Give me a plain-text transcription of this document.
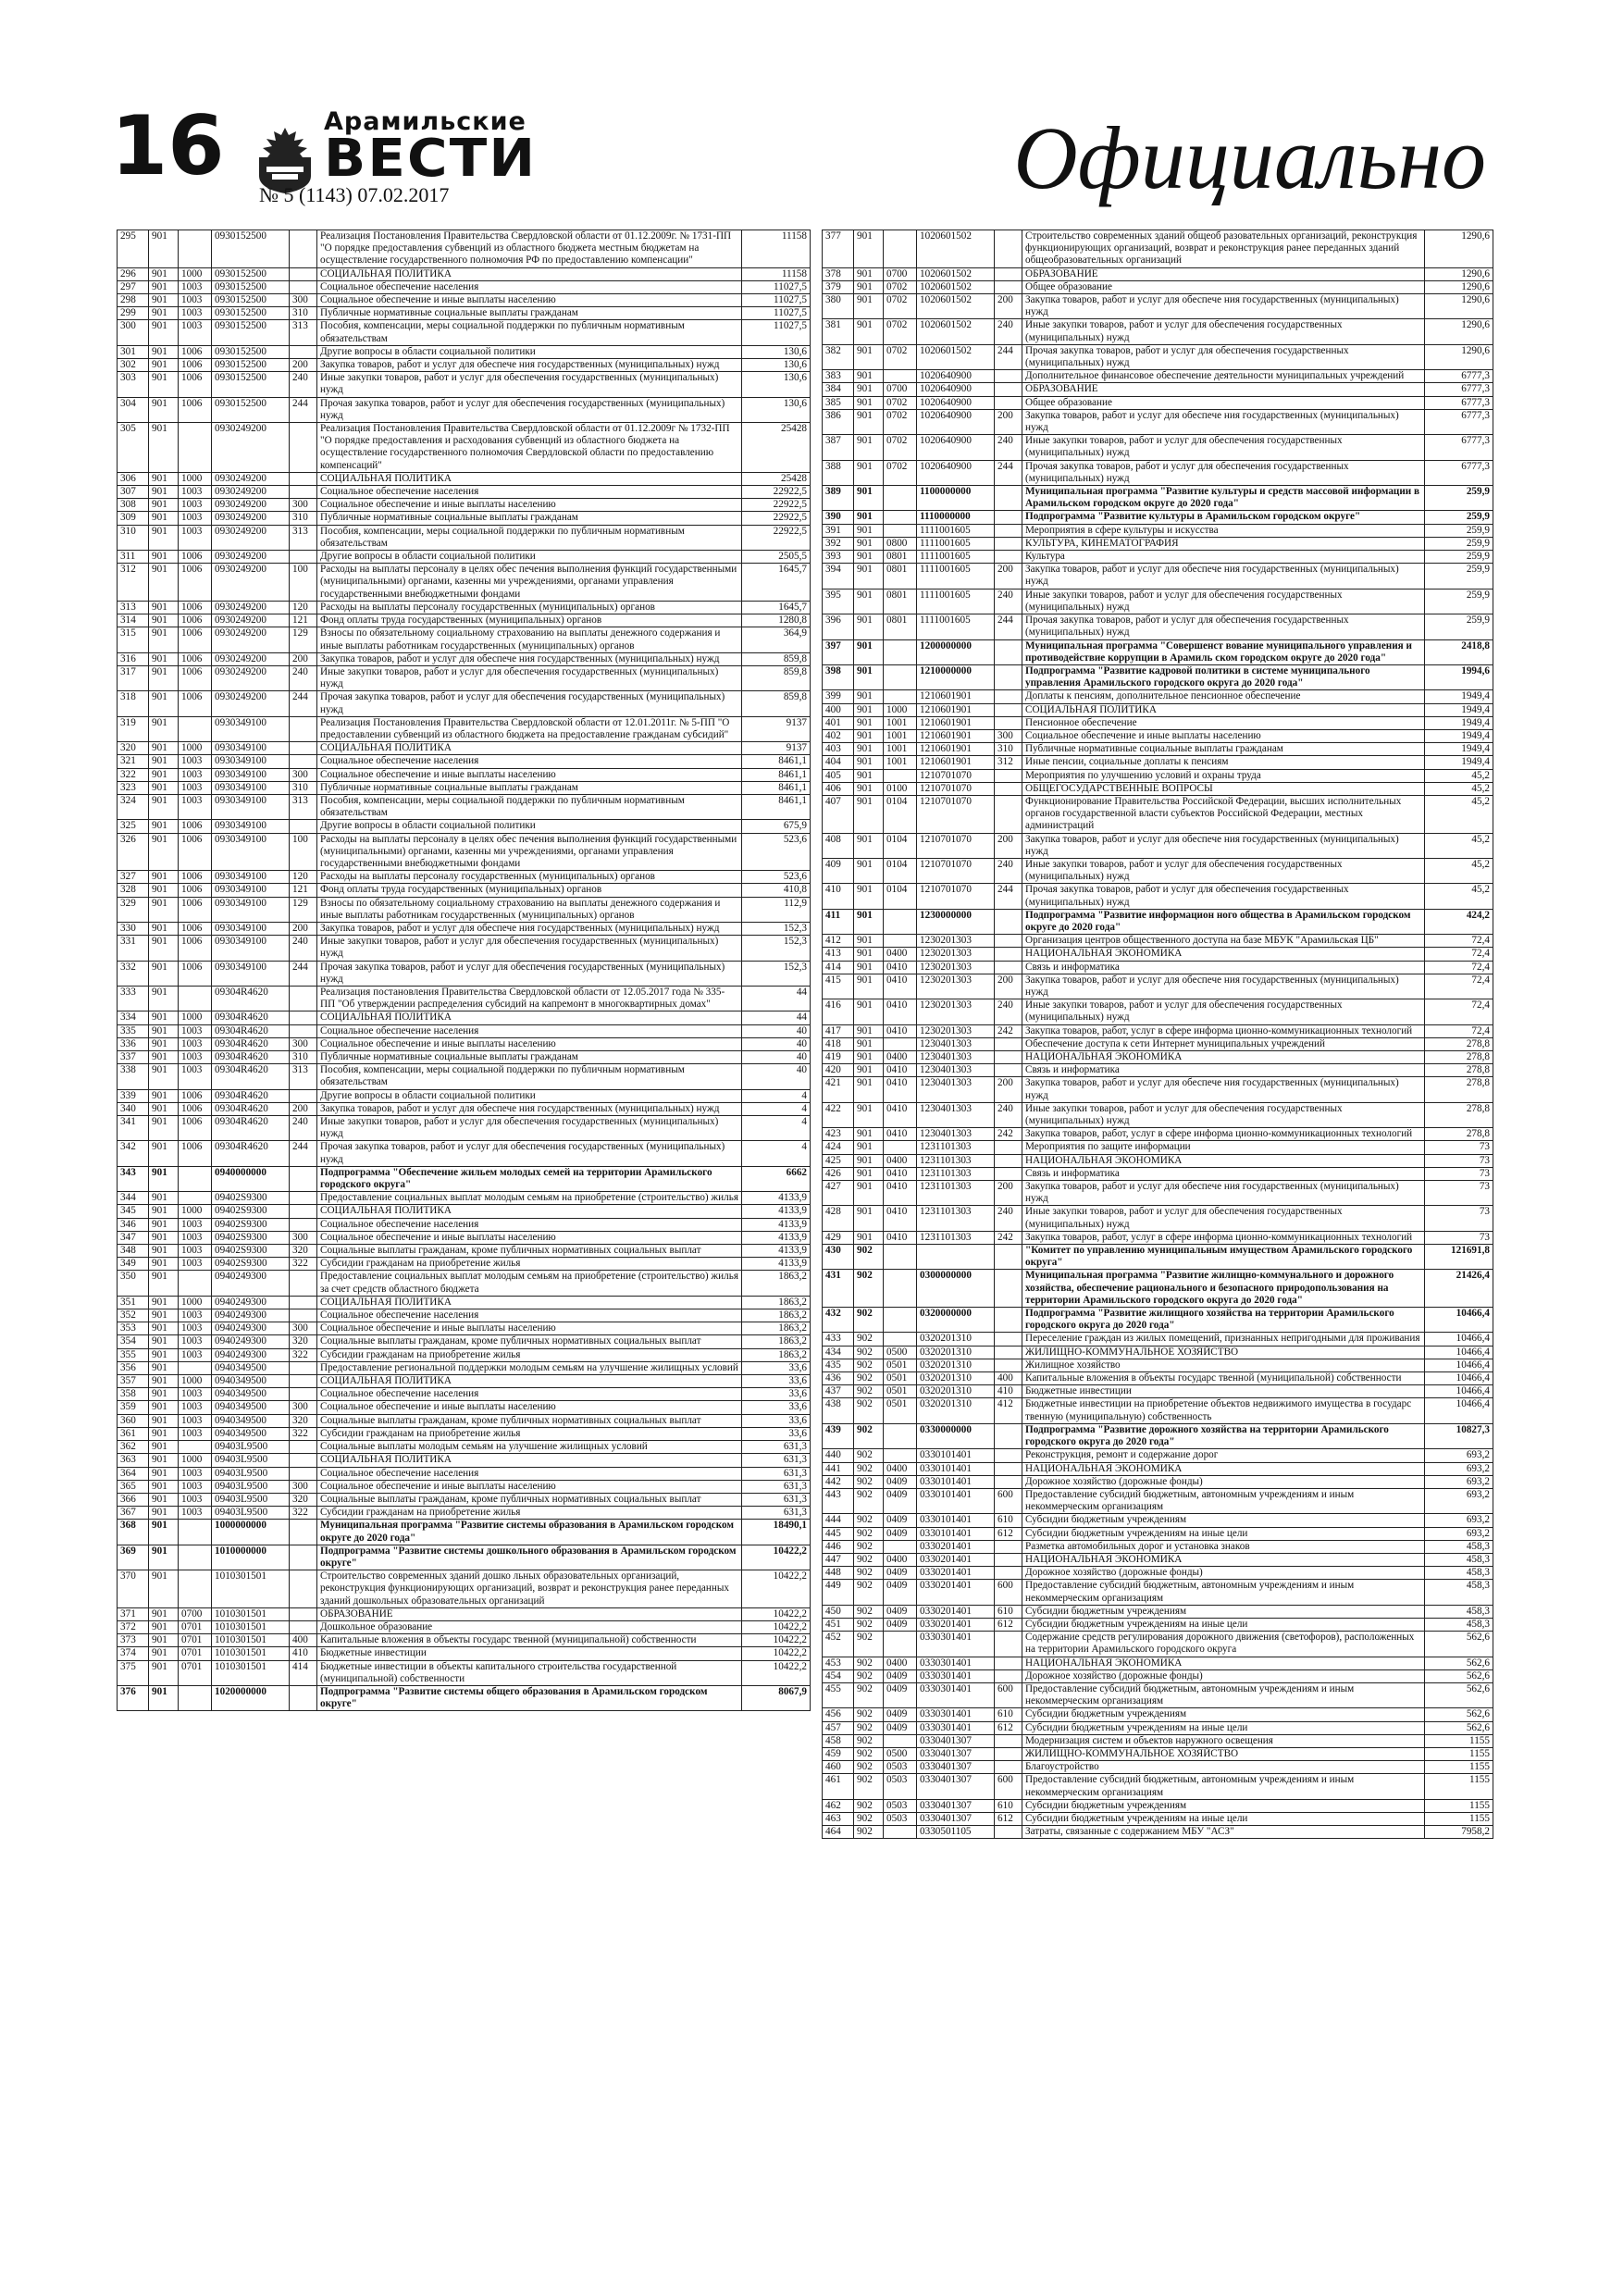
16	Арамильские
ВЕСТИ
№ 5 (1143) 07.02.2017	Официально
295	901		0930152500		Реализация Постановления Правительства Свердловской области от 01.12.2009г. № 1731-ПП "О порядке предоставления субвенций из областного бюджета местным бюджетам на осуществление государственного полномочия РФ по предоставлению компенсации"	11158
296	901	1000	0930152500		СОЦИАЛЬНАЯ ПОЛИТИКА	11158
297	901	1003	0930152500		Социальное обеспечение населения	11027,5
298	901	1003	0930152500	300	Социальное обеспечение и иные выплаты населению	11027,5
299	901	1003	0930152500	310	Публичные нормативные социальные выплаты гражданам	11027,5
300	901	1003	0930152500	313	Пособия, компенсации, меры социальной поддержки по публичным нормативным обязательствам	11027,5
301	901	1006	0930152500		Другие вопросы в области социальной политики	130,6
302	901	1006	0930152500	200	Закупка товаров, работ и услуг для обеспече ния государственных (муниципальных) нужд	130,6
303	901	1006	0930152500	240	Иные закупки товаров, работ и услуг для обеспечения государственных (муниципальных) нужд	130,6
304	901	1006	0930152500	244	Прочая закупка товаров, работ и услуг для обеспечения государственных (муниципальных) нужд	130,6
305	901		0930249200		Реализация Постановления Правительства Свердловской области от 01.12.2009г № 1732-ПП "О порядке предоставления и расходования субвенций из областного бюджета на осуществление государственного полномочия Свердловской области по предоставлению компенсаций"	25428
306	901	1000	0930249200		СОЦИАЛЬНАЯ ПОЛИТИКА	25428
307	901	1003	0930249200		Социальное обеспечение населения	22922,5
308	901	1003	0930249200	300	Социальное обеспечение и иные выплаты населению	22922,5
309	901	1003	0930249200	310	Публичные нормативные социальные выплаты гражданам	22922,5
310	901	1003	0930249200	313	Пособия, компенсации, меры социальной поддержки по публичным нормативным обязательствам	22922,5
311	901	1006	0930249200		Другие вопросы в области социальной политики	2505,5
312	901	1006	0930249200	100	Расходы на выплаты персоналу в целях обес печения выполнения функций государственными (муниципальными) органами, казенны ми учреждениями, органами управления государственными внебюджетными фондами	1645,7
313	901	1006	0930249200	120	Расходы на выплаты персоналу государственных (муниципальных) органов	1645,7
314	901	1006	0930249200	121	Фонд оплаты труда государственных (муниципальных) органов	1280,8
315	901	1006	0930249200	129	Взносы по обязательному социальному страхованию на выплаты денежного содержания и иные выплаты работникам государственных (муниципальных) органов	364,9
316	901	1006	0930249200	200	Закупка товаров, работ и услуг для обеспече ния государственных (муниципальных) нужд	859,8
317	901	1006	0930249200	240	Иные закупки товаров, работ и услуг для обеспечения государственных (муниципальных) нужд	859,8
318	901	1006	0930249200	244	Прочая закупка товаров, работ и услуг для обеспечения государственных (муниципальных) нужд	859,8
319	901		0930349100		Реализация Постановления Правительства Свердловской области от 12.01.2011г. № 5-ПП "О предоставлении субвенций из областного бюджета на предоставление гражданам субсидий"	9137
320	901	1000	0930349100		СОЦИАЛЬНАЯ ПОЛИТИКА	9137
321	901	1003	0930349100		Социальное обеспечение населения	8461,1
322	901	1003	0930349100	300	Социальное обеспечение и иные выплаты населению	8461,1
323	901	1003	0930349100	310	Публичные нормативные социальные выплаты гражданам	8461,1
324	901	1003	0930349100	313	Пособия, компенсации, меры социальной поддержки по публичным нормативным обязательствам	8461,1
325	901	1006	0930349100		Другие вопросы в области социальной политики	675,9
326	901	1006	0930349100	100	Расходы на выплаты персоналу в целях обес печения выполнения функций государственными (муниципальными) органами, казенны ми учреждениями, органами управления государственными внебюджетными фондами	523,6
327	901	1006	0930349100	120	Расходы на выплаты персоналу государственных (муниципальных) органов	523,6
328	901	1006	0930349100	121	Фонд оплаты труда государственных (муниципальных) органов	410,8
329	901	1006	0930349100	129	Взносы по обязательному социальному страхованию на выплаты денежного содержания и иные выплаты работникам государственных (муниципальных) органов	112,9
330	901	1006	0930349100	200	Закупка товаров, работ и услуг для обеспече ния государственных (муниципальных) нужд	152,3
331	901	1006	0930349100	240	Иные закупки товаров, работ и услуг для обеспечения государственных (муниципальных) нужд	152,3
332	901	1006	0930349100	244	Прочая закупка товаров, работ и услуг для обеспечения государственных (муниципальных) нужд	152,3
333	901		09304R4620		Реализация постановления Правительства Свердловской области от 12.05.2017 года № 335-ПП "Об утверждении распределения субсидий на капремонт в многоквартирных домах"	44
334	901	1000	09304R4620		СОЦИАЛЬНАЯ ПОЛИТИКА	44
335	901	1003	09304R4620		Социальное обеспечение населения	40
336	901	1003	09304R4620	300	Социальное обеспечение и иные выплаты населению	40
337	901	1003	09304R4620	310	Публичные нормативные социальные выплаты гражданам	40
338	901	1003	09304R4620	313	Пособия, компенсации, меры социальной поддержки по публичным нормативным обязательствам	40
339	901	1006	09304R4620		Другие вопросы в области социальной политики	4
340	901	1006	09304R4620	200	Закупка товаров, работ и услуг для обеспече ния государственных (муниципальных) нужд	4
341	901	1006	09304R4620	240	Иные закупки товаров, работ и услуг для обеспечения государственных (муниципальных) нужд	4
342	901	1006	09304R4620	244	Прочая закупка товаров, работ и услуг для обеспечения государственных (муниципальных) нужд	4
343	901		0940000000		Подпрограмма "Обеспечение жильем молодых семей на территории Арамильского городского округа"	6662
344	901		09402S9300		Предоставление социальных выплат молодым семьям на приобретение (строительство) жилья	4133,9
345	901	1000	09402S9300		СОЦИАЛЬНАЯ ПОЛИТИКА	4133,9
346	901	1003	09402S9300		Социальное обеспечение населения	4133,9
347	901	1003	09402S9300	300	Социальное обеспечение и иные выплаты населению	4133,9
348	901	1003	09402S9300	320	Социальные выплаты гражданам, кроме публичных нормативных социальных выплат	4133,9
349	901	1003	09402S9300	322	Субсидии гражданам на приобретение жилья	4133,9
350	901		0940249300		Предоставление социальных выплат молодым семьям на приобретение (строительство) жилья за счет средств областного бюджета	1863,2
351	901	1000	0940249300		СОЦИАЛЬНАЯ ПОЛИТИКА	1863,2
352	901	1003	0940249300		Социальное обеспечение населения	1863,2
353	901	1003	0940249300	300	Социальное обеспечение и иные выплаты населению	1863,2
354	901	1003	0940249300	320	Социальные выплаты гражданам, кроме публичных нормативных социальных выплат	1863,2
355	901	1003	0940249300	322	Субсидии гражданам на приобретение жилья	1863,2
356	901		0940349500		Предоставление региональной поддержки молодым семьям на улучшение жилищных условий	33,6
357	901	1000	0940349500		СОЦИАЛЬНАЯ ПОЛИТИКА	33,6
358	901	1003	0940349500		Социальное обеспечение населения	33,6
359	901	1003	0940349500	300	Социальное обеспечение и иные выплаты населению	33,6
360	901	1003	0940349500	320	Социальные выплаты гражданам, кроме публичных нормативных социальных выплат	33,6
361	901	1003	0940349500	322	Субсидии гражданам на приобретение жилья	33,6
362	901		09403L9500		Социальные выплаты молодым семьям на улучшение жилищных условий	631,3
363	901	1000	09403L9500		СОЦИАЛЬНАЯ ПОЛИТИКА	631,3
364	901	1003	09403L9500		Социальное обеспечение населения	631,3
365	901	1003	09403L9500	300	Социальное обеспечение и иные выплаты населению	631,3
366	901	1003	09403L9500	320	Социальные выплаты гражданам, кроме публичных нормативных социальных выплат	631,3
367	901	1003	09403L9500	322	Субсидии гражданам на приобретение жилья	631,3
368	901		1000000000		Муниципальная программа "Развитие системы образования в Арамильском городском округе до 2020 года"	18490,1
369	901		1010000000		Подпрограмма "Развитие системы дошкольного образования в Арамильском городском округе"	10422,2
370	901		1010301501		Строительство современных зданий дошко льных образовательных организаций, реконструкция функционирующих организаций, возврат и реконструкция ранее переданных зданий дошкольных образовательных организаций	10422,2
371	901	0700	1010301501		ОБРАЗОВАНИЕ	10422,2
372	901	0701	1010301501		Дошкольное образование	10422,2
373	901	0701	1010301501	400	Капитальные вложения в объекты государс твенной (муниципальной) собственности	10422,2
374	901	0701	1010301501	410	Бюджетные инвестиции	10422,2
375	901	0701	1010301501	414	Бюджетные инвестиции в объекты капитального строительства государственной (муниципальной) собственности	10422,2
376	901		1020000000		Подпрограмма "Развитие системы общего образования в Арамильском городском округе"	8067,9
377	901		1020601502		Строительство современных зданий общеоб разовательных организаций, реконструкция функционирующих организаций, возврат и реконструкция ранее переданных зданий общеобразовательных организаций	1290,6
378	901	0700	1020601502		ОБРАЗОВАНИЕ	1290,6
379	901	0702	1020601502		Общее образование	1290,6
380	901	0702	1020601502	200	Закупка товаров, работ и услуг для обеспече ния государственных (муниципальных) нужд	1290,6
381	901	0702	1020601502	240	Иные закупки товаров, работ и услуг для обеспечения государственных (муниципальных) нужд	1290,6
382	901	0702	1020601502	244	Прочая закупка товаров, работ и услуг для обеспечения государственных (муниципальных) нужд	1290,6
383	901		1020640900		Дополнительное финансовое обеспечение деятельности муниципальных учреждений	6777,3
384	901	0700	1020640900		ОБРАЗОВАНИЕ	6777,3
385	901	0702	1020640900		Общее образование	6777,3
386	901	0702	1020640900	200	Закупка товаров, работ и услуг для обеспече ния государственных (муниципальных) нужд	6777,3
387	901	0702	1020640900	240	Иные закупки товаров, работ и услуг для обеспечения государственных (муниципальных) нужд	6777,3
388	901	0702	1020640900	244	Прочая закупка товаров, работ и услуг для обеспечения государственных (муниципальных) нужд	6777,3
389	901		1100000000		Муниципальная программа "Развитие культуры и средств массовой информации в Арамильском городском округе до 2020 года"	259,9
390	901		1110000000		Подпрограмма "Развитие культуры в Арамильском городском округе"	259,9
391	901		1111001605		Мероприятия в сфере культуры и искусства	259,9
392	901	0800	1111001605		КУЛЬТУРА, КИНЕМАТОГРАФИЯ	259,9
393	901	0801	1111001605		Культура	259,9
394	901	0801	1111001605	200	Закупка товаров, работ и услуг для обеспече ния государственных (муниципальных) нужд	259,9
395	901	0801	1111001605	240	Иные закупки товаров, работ и услуг для обеспечения государственных (муниципальных) нужд	259,9
396	901	0801	1111001605	244	Прочая закупка товаров, работ и услуг для обеспечения государственных (муниципальных) нужд	259,9
397	901		1200000000		Муниципальная программа "Совершенст вование муниципального управления и противодействие коррупции в Арамиль ском городском округе до 2020 года"	2418,8
398	901		1210000000		Подпрограмма "Развитие кадровой политики в системе муниципального управления Арамильского городского округа до 2020 года"	1994,6
399	901		1210601901		Доплаты к пенсиям, дополнительное пенсионное обеспечение	1949,4
400	901	1000	1210601901		СОЦИАЛЬНАЯ ПОЛИТИКА	1949,4
401	901	1001	1210601901		Пенсионное обеспечение	1949,4
402	901	1001	1210601901	300	Социальное обеспечение и иные выплаты населению	1949,4
403	901	1001	1210601901	310	Публичные нормативные социальные выплаты гражданам	1949,4
404	901	1001	1210601901	312	Иные пенсии, социальные доплаты к пенсиям	1949,4
405	901		1210701070		Мероприятия по улучшению условий и охраны труда	45,2
406	901	0100	1210701070		ОБЩЕГОСУДАРСТВЕННЫЕ ВОПРОСЫ	45,2
407	901	0104	1210701070		Функционирование Правительства Российской Федерации, высших исполнительных органов государственной власти субъектов Российской Федерации, местных администраций	45,2
408	901	0104	1210701070	200	Закупка товаров, работ и услуг для обеспече ния государственных (муниципальных) нужд	45,2
409	901	0104	1210701070	240	Иные закупки товаров, работ и услуг для обеспечения государственных (муниципальных) нужд	45,2
410	901	0104	1210701070	244	Прочая закупка товаров, работ и услуг для обеспечения государственных (муниципальных) нужд	45,2
411	901		1230000000		Подпрограмма "Развитие информацион ного общества в Арамильском городском округе до 2020 года"	424,2
412	901		1230201303		Организация центров общественного доступа на базе МБУК "Арамильская ЦБ"	72,4
413	901	0400	1230201303		НАЦИОНАЛЬНАЯ ЭКОНОМИКА	72,4
414	901	0410	1230201303		Связь и информатика	72,4
415	901	0410	1230201303	200	Закупка товаров, работ и услуг для обеспече ния государственных (муниципальных) нужд	72,4
416	901	0410	1230201303	240	Иные закупки товаров, работ и услуг для обеспечения государственных (муниципальных) нужд	72,4
417	901	0410	1230201303	242	Закупка товаров, работ, услуг в сфере информа ционно-коммуникационных технологий	72,4
418	901		1230401303		Обеспечение доступа к сети Интернет муниципальных учреждений	278,8
419	901	0400	1230401303		НАЦИОНАЛЬНАЯ ЭКОНОМИКА	278,8
420	901	0410	1230401303		Связь и информатика	278,8
421	901	0410	1230401303	200	Закупка товаров, работ и услуг для обеспече ния государственных (муниципальных) нужд	278,8
422	901	0410	1230401303	240	Иные закупки товаров, работ и услуг для обеспечения государственных (муниципальных) нужд	278,8
423	901	0410	1230401303	242	Закупка товаров, работ, услуг в сфере информа ционно-коммуникационных технологий	278,8
424	901		1231101303		Мероприятия по защите информации	73
425	901	0400	1231101303		НАЦИОНАЛЬНАЯ ЭКОНОМИКА	73
426	901	0410	1231101303		Связь и информатика	73
427	901	0410	1231101303	200	Закупка товаров, работ и услуг для обеспече ния государственных (муниципальных) нужд	73
428	901	0410	1231101303	240	Иные закупки товаров, работ и услуг для обеспечения государственных (муниципальных) нужд	73
429	901	0410	1231101303	242	Закупка товаров, работ, услуг в сфере информа ционно-коммуникационных технологий	73
430	902				"Комитет по управлению муниципальным имуществом Арамильского городского округа"	121691,8
431	902		0300000000		Муниципальная программа "Развитие жилищно-коммунального и дорожного хозяйства, обеспечение рационального и безопасного природопользования на территории Арамильского городского округа до 2020 года"	21426,4
432	902		0320000000		Подпрограмма "Развитие жилищного хозяйства на территории Арамильского городского округа до 2020 года"	10466,4
433	902		0320201310		Переселение граждан из жилых помещений, признанных непригодными для проживания	10466,4
434	902	0500	0320201310		ЖИЛИЩНО-КОММУНАЛЬНОЕ ХОЗЯЙСТВО	10466,4
435	902	0501	0320201310		Жилищное хозяйство	10466,4
436	902	0501	0320201310	400	Капитальные вложения в объекты государс твенной (муниципальной) собственности	10466,4
437	902	0501	0320201310	410	Бюджетные инвестиции	10466,4
438	902	0501	0320201310	412	Бюджетные инвестиции на приобретение объектов недвижимого имущества в государс твенную (муниципальную) собственность	10466,4
439	902		0330000000		Подпрограмма "Развитие дорожного хозяйства на территории Арамильского городского округа до 2020 года"	10827,3
440	902		0330101401		Реконструкция, ремонт и содержание дорог	693,2
441	902	0400	0330101401		НАЦИОНАЛЬНАЯ ЭКОНОМИКА	693,2
442	902	0409	0330101401		Дорожное хозяйство (дорожные фонды)	693,2
443	902	0409	0330101401	600	Предоставление субсидий бюджетным, автономным учреждениям и иным некоммерческим организациям	693,2
444	902	0409	0330101401	610	Субсидии бюджетным учреждениям	693,2
445	902	0409	0330101401	612	Субсидии бюджетным учреждениям на иные цели	693,2
446	902		0330201401		Разметка автомобильных дорог и установка знаков	458,3
447	902	0400	0330201401		НАЦИОНАЛЬНАЯ ЭКОНОМИКА	458,3
448	902	0409	0330201401		Дорожное хозяйство (дорожные фонды)	458,3
449	902	0409	0330201401	600	Предоставление субсидий бюджетным, автономным учреждениям и иным некоммерческим организациям	458,3
450	902	0409	0330201401	610	Субсидии бюджетным учреждениям	458,3
451	902	0409	0330201401	612	Субсидии бюджетным учреждениям на иные цели	458,3
452	902		0330301401		Содержание средств регулирования дорожного движения (светофоров), расположенных на территории Арамильского городского округа	562,6
453	902	0400	0330301401		НАЦИОНАЛЬНАЯ ЭКОНОМИКА	562,6
454	902	0409	0330301401		Дорожное хозяйство (дорожные фонды)	562,6
455	902	0409	0330301401	600	Предоставление субсидий бюджетным, автономным учреждениям и иным некоммерческим организациям	562,6
456	902	0409	0330301401	610	Субсидии бюджетным учреждениям	562,6
457	902	0409	0330301401	612	Субсидии бюджетным учреждениям на иные цели	562,6
458	902		0330401307		Модернизация систем и объектов наружного освещения	1155
459	902	0500	0330401307		ЖИЛИЩНО-КОММУНАЛЬНОЕ ХОЗЯЙСТВО	1155
460	902	0503	0330401307		Благоустройство	1155
461	902	0503	0330401307	600	Предоставление субсидий бюджетным, автономным учреждениям и иным некоммерческим организациям	1155
462	902	0503	0330401307	610	Субсидии бюджетным учреждениям	1155
463	902	0503	0330401307	612	Субсидии бюджетным учреждениям на иные цели	1155
464	902		0330501105		Затраты, связанные с содержанием МБУ "АСЗ"	7958,2
